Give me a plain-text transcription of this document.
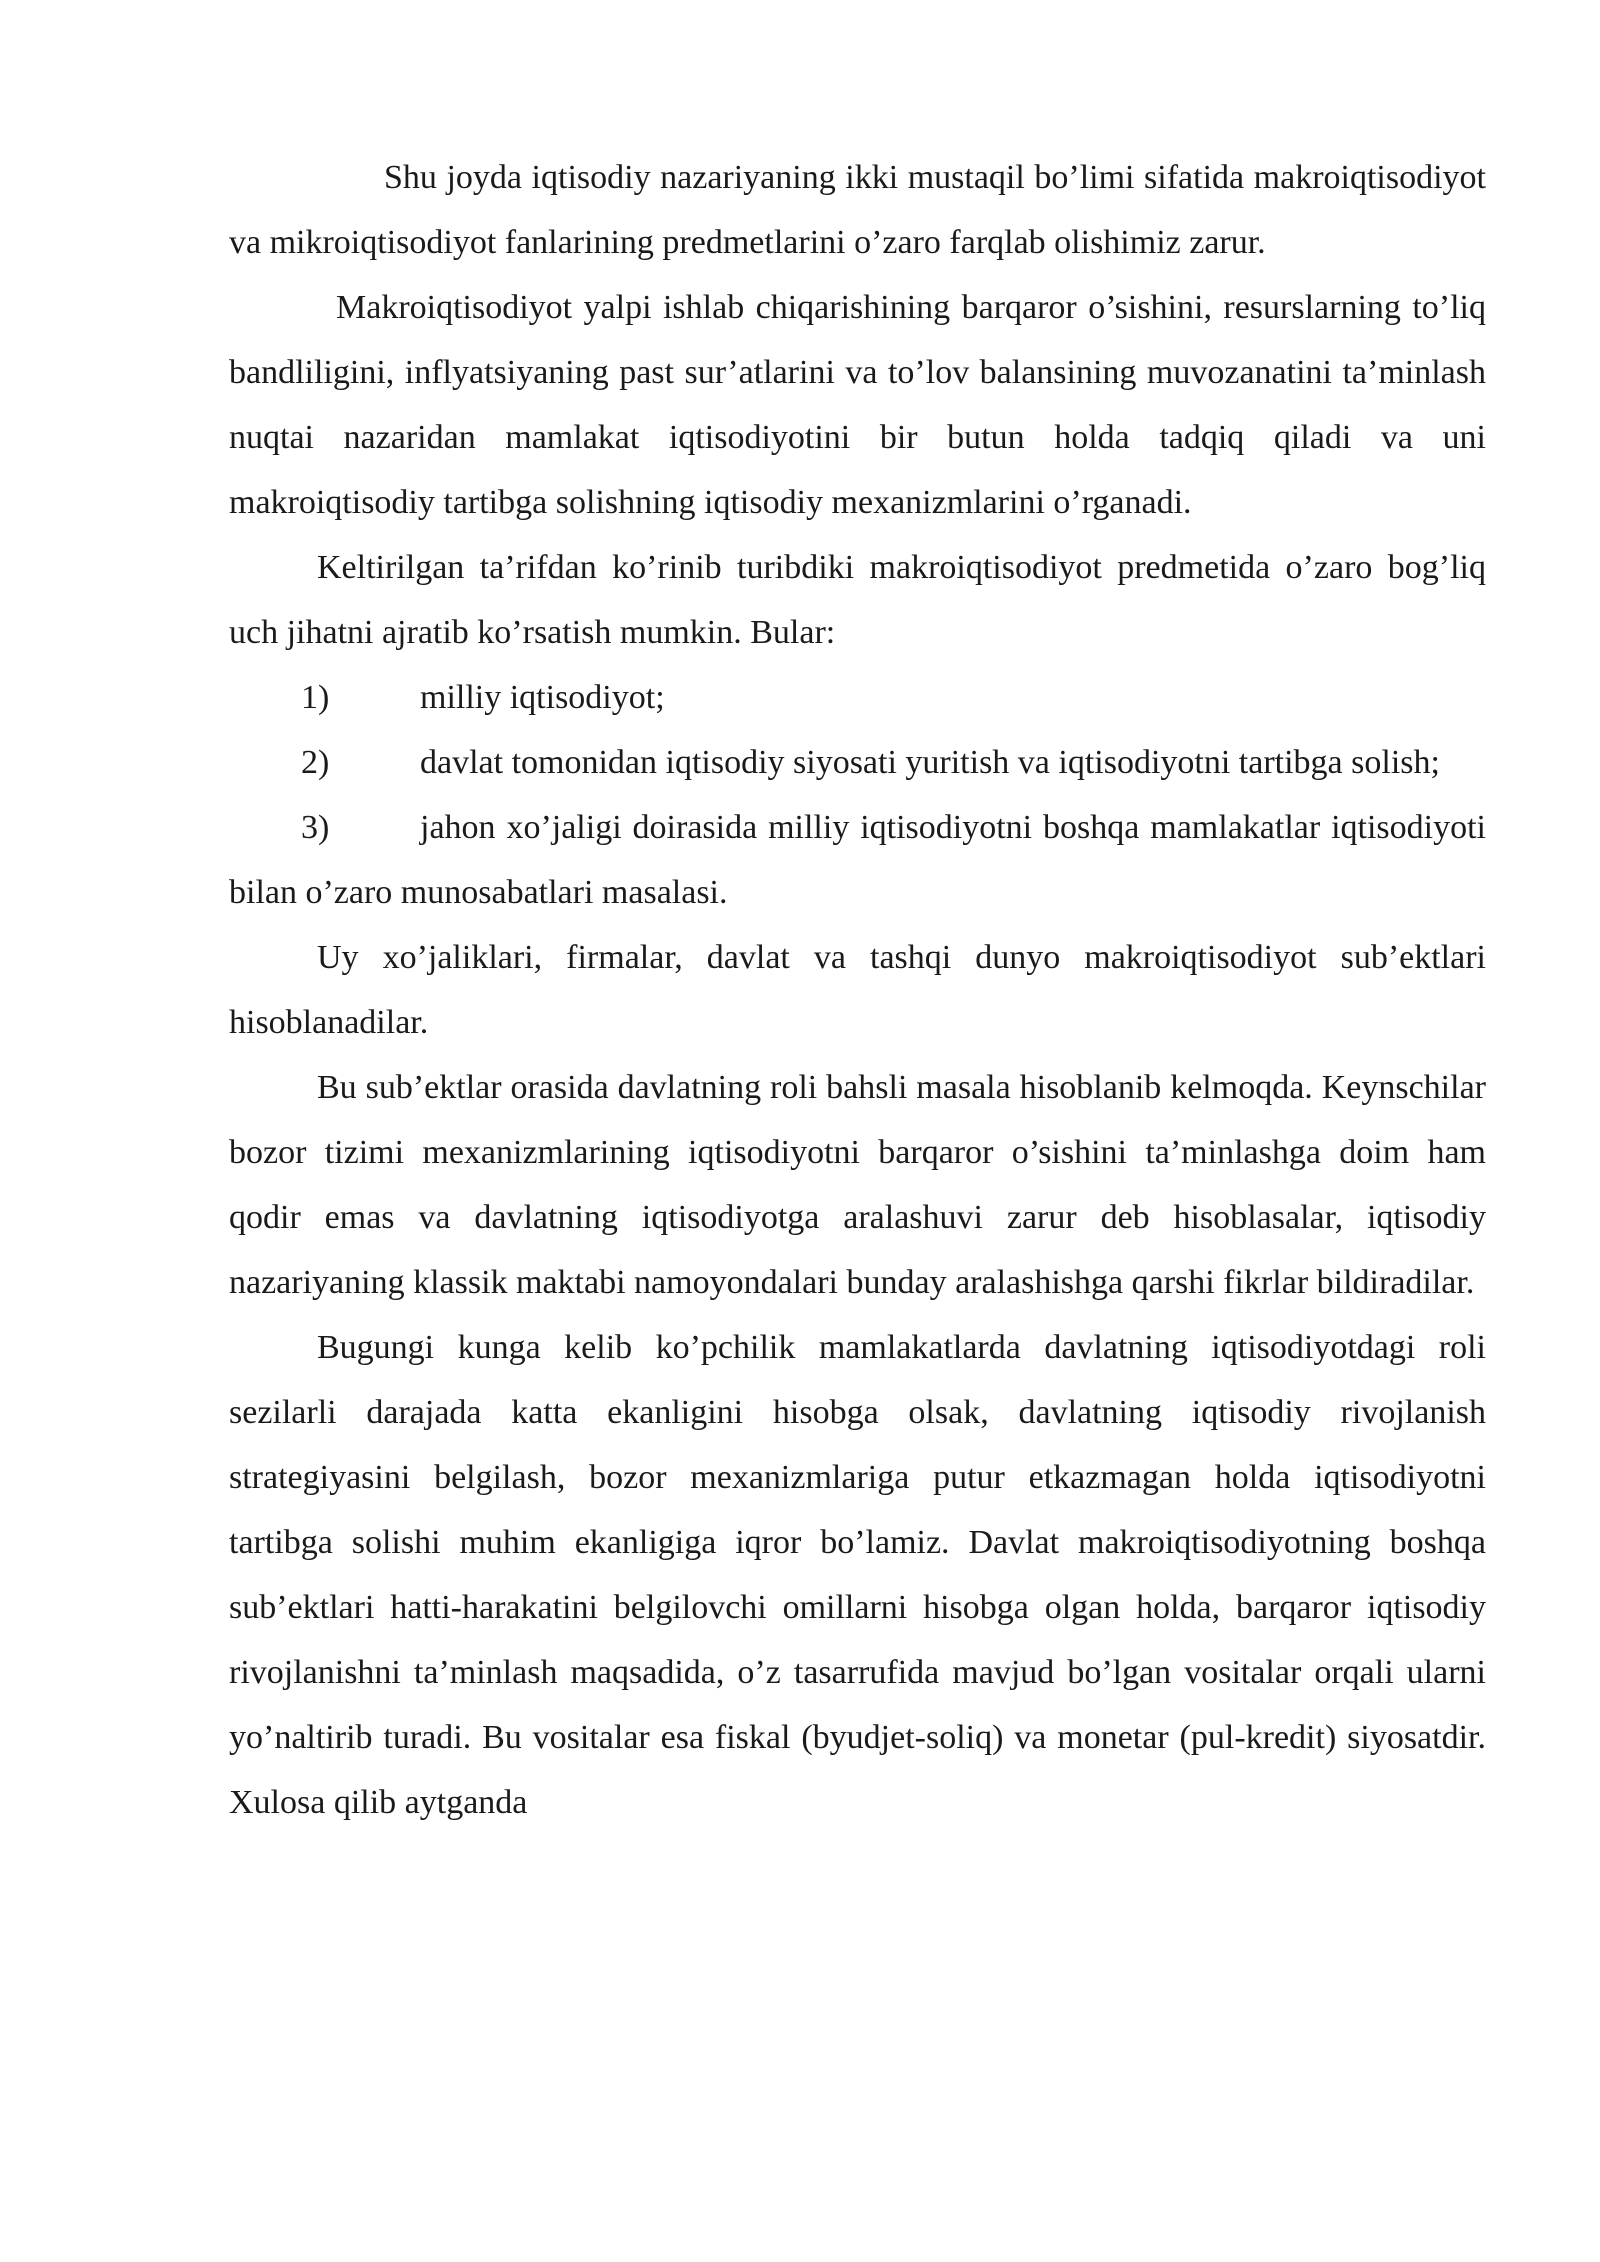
Shu joyda iqtisodiy nazariyaning ikki mustaqil bo’limi sifatida makroiqtisodiyot va mikroiqtisodiyot fanlarining predmetlarini o’zaro farqlab olishimiz zarur.

Makroiqtisodiyot yalpi ishlab chiqarishining barqaror o’sishini, resurslarning to’liq bandliligini, inflyatsiyaning past sur’atlarini va to’lov balansining muvozanatini ta’minlash nuqtai nazaridan mamlakat iqtisodiyotini bir butun holda tadqiq qiladi va uni makroiqtisodiy tartibga solishning iqtisodiy mexanizmlarini o’rganadi.

Keltirilgan ta’rifdan ko’rinib turibdiki makroiqtisodiyot predmetida o’zaro bog’liq uch jihatni ajratib ko’rsatish mumkin. Bular:

1)	milliy iqtisodiyot;

2)	davlat tomonidan iqtisodiy siyosati yuritish va iqtisodiyotni tartibga solish;

3)	jahon xo’jaligi doirasida milliy iqtisodiyotni boshqa mamlakatlar iqtisodiyoti bilan o’zaro munosabatlari masalasi.

Uy xo’jaliklari, firmalar, davlat va tashqi dunyo makroiqtisodiyot sub’ektlari hisoblanadilar.

Bu sub’ektlar orasida davlatning roli bahsli masala hisoblanib kelmoqda. Keynschilar bozor tizimi mexanizmlarining iqtisodiyotni barqaror o’sishini ta’minlashga doim ham qodir emas va davlatning iqtisodiyotga aralashuvi zarur deb hisoblasalar, iqtisodiy nazariyaning klassik maktabi namoyondalari bunday aralashishga qarshi fikrlar bildiradilar.

Bugungi kunga kelib ko’pchilik mamlakatlarda davlatning iqtisodiyotdagi roli sezilarli darajada katta ekanligini hisobga olsak, davlatning iqtisodiy rivojlanish strategiyasini belgilash, bozor mexanizmlariga putur etkazmagan holda iqtisodiyotni tartibga solishi muhim ekanligiga iqror bo’lamiz. Davlat makroiqtisodiyotning boshqa sub’ektlari hatti-harakatini belgilovchi omillarni hisobga olgan holda, barqaror iqtisodiy rivojlanishni ta’minlash maqsadida, o’z tasarrufida mavjud bo’lgan vositalar orqali ularni yo’naltirib turadi. Bu vositalar esa fiskal (byudjet-soliq) va monetar (pul-kredit) siyosatdir. Xulosa qilib aytganda
